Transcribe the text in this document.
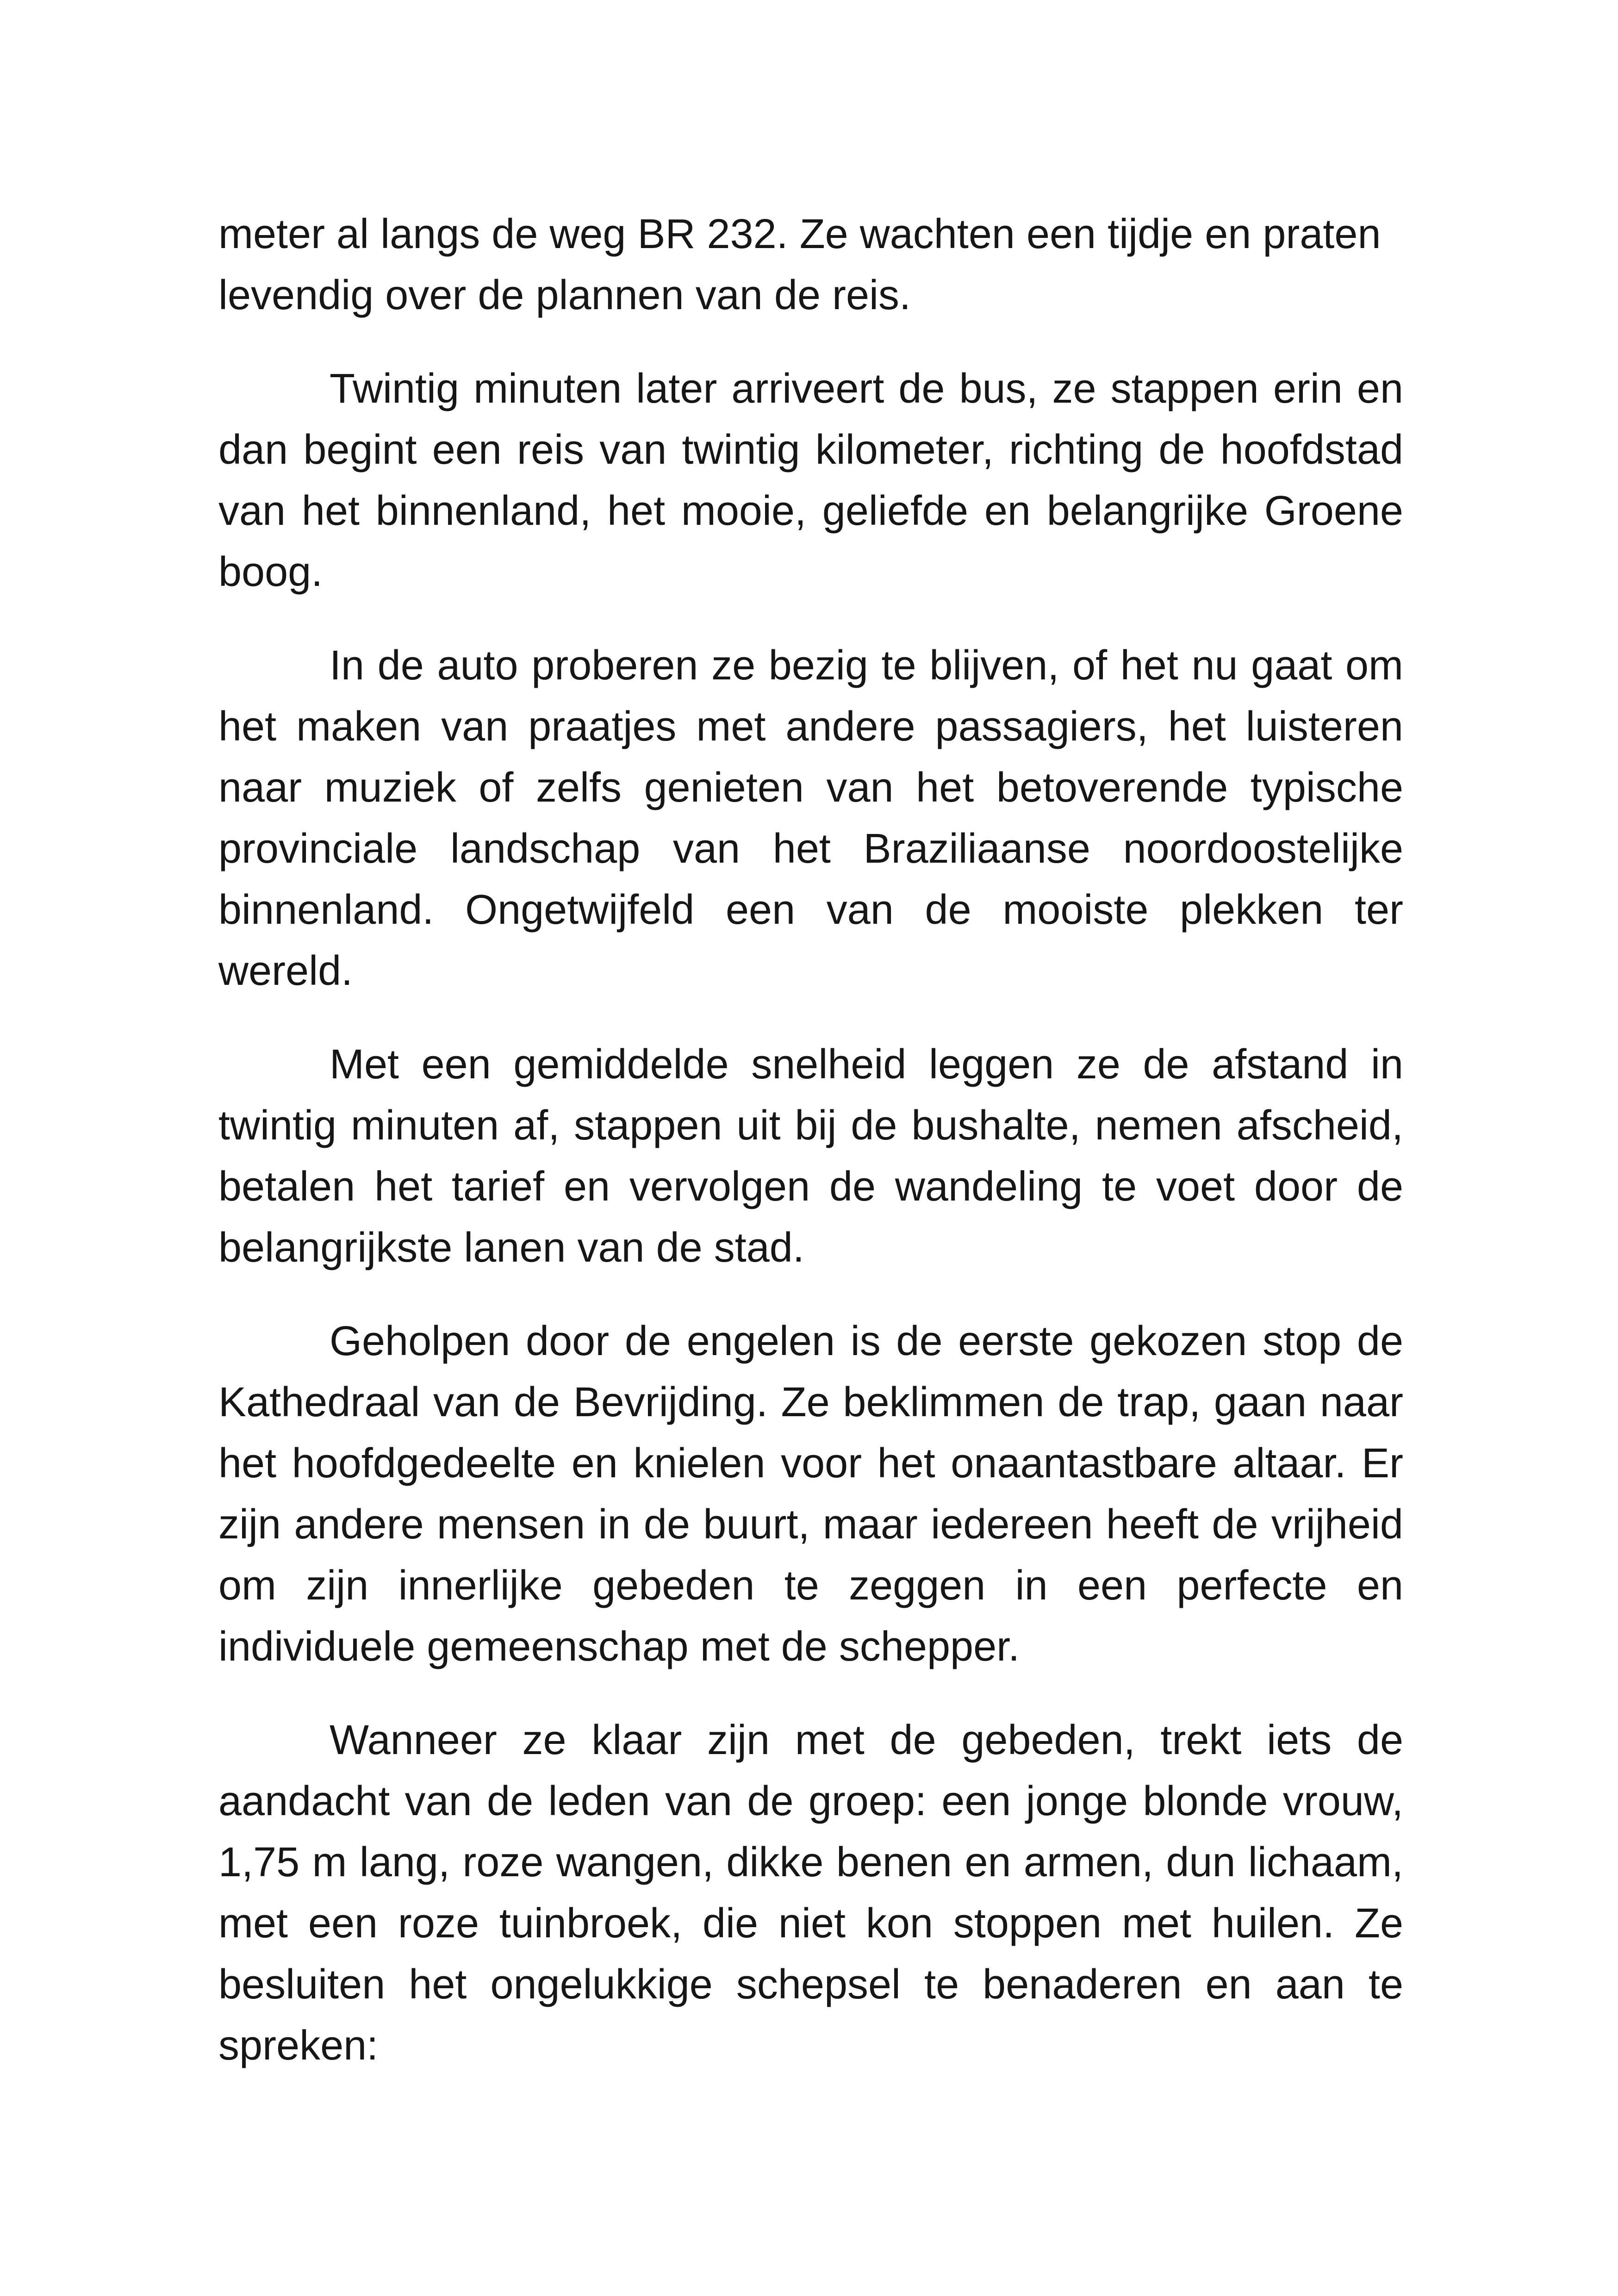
meter al langs de weg BR 232. Ze wachten een tijdje en praten levendig over de plannen van de reis.

Twintig minuten later arriveert de bus, ze stappen erin en dan begint een reis van twintig kilometer, richting de hoofdstad van het binnenland, het mooie, geliefde en belangrijke Groene boog.

In de auto proberen ze bezig te blijven, of het nu gaat om het maken van praatjes met andere passagiers, het luisteren naar muziek of zelfs genieten van het betoverende typische provinciale landschap van het Braziliaanse noordoostelijke binnenland. Ongetwijfeld een van de mooiste plekken ter wereld.

Met een gemiddelde snelheid leggen ze de afstand in twintig minuten af, stappen uit bij de bushalte, nemen afscheid, betalen het tarief en vervolgen de wandeling te voet door de belangrijkste lanen van de stad.

Geholpen door de engelen is de eerste gekozen stop de Kathedraal van de Bevrijding. Ze beklimmen de trap, gaan naar het hoofdgedeelte en knielen voor het onaantastbare altaar. Er zijn andere mensen in de buurt, maar iedereen heeft de vrijheid om zijn innerlijke gebeden te zeggen in een perfecte en individuele gemeenschap met de schepper.

Wanneer ze klaar zijn met de gebeden, trekt iets de aandacht van de leden van de groep: een jonge blonde vrouw, 1,75 m lang, roze wangen, dikke benen en armen, dun lichaam, met een roze tuinbroek, die niet kon stoppen met huilen. Ze besluiten het ongelukkige schepsel te benaderen en aan te spreken:
